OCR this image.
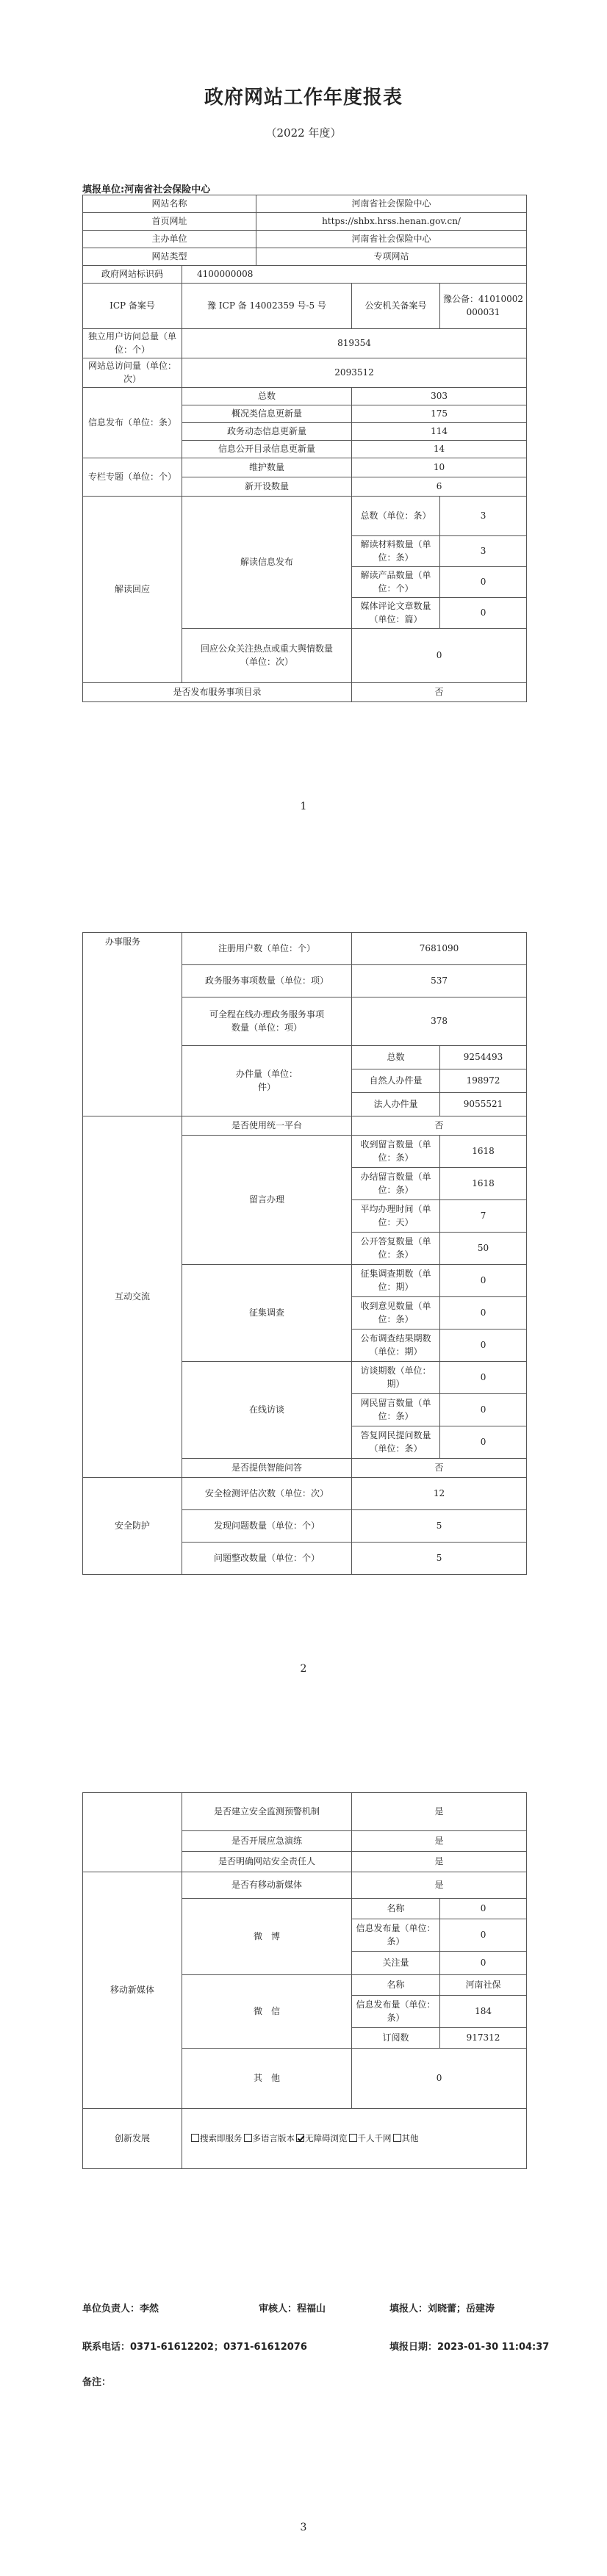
政府网站工作年度报表
（2022 年度）
填报单位:河南省社会保险中心
网站名称		河南省社会保险中心		
首页网址		https://shbx.hrss.henan.gov.cn/		
主办单位		河南省社会保险中心		
网站类型		专项网站		
政府网站标识码	4100000008			
ICP 备案号	豫 ICP 备 14002359 号-5 号		公安机关备案号	豫公备：41010002000031
独立用户访问总量（单位：个）	819354			
网站总访问量（单位：次）	2093512			
信息发布（单位：条）	总数		303	
	概况类信息更新量		175	
	政务动态信息更新量		114	
	信息公开目录信息更新量		14	
专栏专题（单位：个）	维护数量		10	
	新开设数量		6	
解读回应	解读信息发布		总数（单位：条）	3
			解读材料数量（单位：条）	3
			解读产品数量（单位：个）	0
			媒体评论文章数量（单位：篇）	0
	回应公众关注热点或重大舆情数量（单位：次）		0	
是否发布服务事项目录			否	
1
办事服务	注册用户数（单位：个）	7681090	
	政务服务事项数量（单位：项）	537	
	可全程在线办理政务服务事项数量（单位：项）	378	
	办件量（单位：件）	总数	9254493
		自然人办件量	198972
		法人办件量	9055521
互动交流	是否使用统一平台	否	
	留言办理	收到留言数量（单位：条）	1618
		办结留言数量（单位：条）	1618
		平均办理时间（单位：天）	7
		公开答复数量（单位：条）	50
	征集调查	征集调查期数（单位：期）	0
		收到意见数量（单位：条）	0
		公布调查结果期数（单位：期）	0
	在线访谈	访谈期数（单位：期）	0
		网民留言数量（单位：条）	0
		答复网民提问数量（单位：条）	0
	是否提供智能问答	否	
安全防护	安全检测评估次数（单位：次）	12	
	发现问题数量（单位：个）	5	
	问题整改数量（单位：个）	5	
2
	是否建立安全监测预警机制	是	
	是否开展应急演练	是	
	是否明确网站安全责任人	是	
移动新媒体	是否有移动新媒体	是	
	微　博	名称	0
		信息发布量（单位：条）	0
		关注量	0
	微　信	名称	河南社保
		信息发布量（单位：条）	184
		订阅数	917312
	其　他	0	
创新发展	搜索即服务 多语言版本 无障碍浏览 千人千网 其他		
单位负责人：李然	审核人：程福山	填报人：刘晓蕾；岳建涛
联系电话：0371-61612202；0371-61612076	填报日期：2023-01-30 11:04:37
备注：
3
